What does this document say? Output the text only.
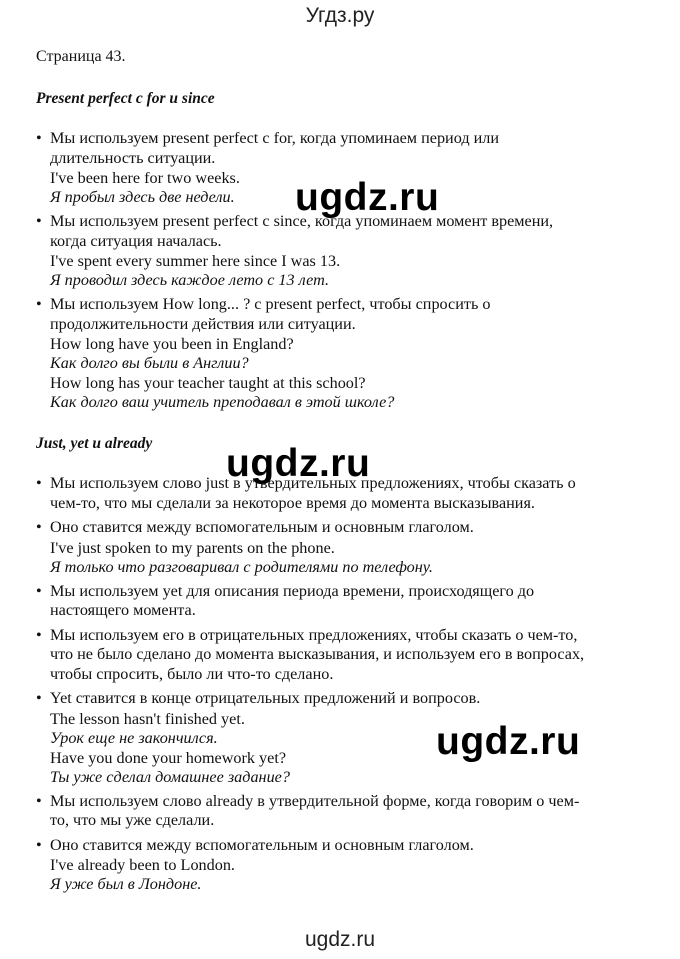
Угдз.ру
Страница 43.
Present perfect с for и since
• Мы используем present perfect с for, когда упоминаем период или
длительность ситуации.
I've been here for two weeks.
Я пробыл здесь две недели.
• Мы используем present perfect с since, когда упоминаем момент времени,
когда ситуация началась.
I've spent every summer here since I was 13.
Я проводил здесь каждое лето с 13 лет.
• Мы используем How long... ? с present perfect, чтобы спросить о
продолжительности действия или ситуации.
How long have you been in England?
Как долго вы были в Англии?
How long has your teacher taught at this school?
Как долго ваш учитель преподавал в этой школе?
Just, yet и already
• Мы используем слово just в утвердительных предложениях, чтобы сказать о
чем-то, что мы сделали за некоторое время до момента высказывания.
• Оно ставится между вспомогательным и основным глаголом.
I've just spoken to my parents on the phone.
Я только что разговаривал с родителями по телефону.
• Мы используем yet для описания периода времени, происходящего до
настоящего момента.
• Мы используем его в отрицательных предложениях, чтобы сказать о чем-то,
что не было сделано до момента высказывания, и используем его в вопросах,
чтобы спросить, было ли что-то сделано.
• Yet ставится в конце отрицательных предложений и вопросов.
The lesson hasn't finished yet.
Урок еще не закончился.
Have you done your homework yet?
Ты уже сделал домашнее задание?
• Мы используем слово already в утвердительной форме, когда говорим о чем-
то, что мы уже сделали.
• Оно ставится между вспомогательным и основным глаголом.
I've already been to London.
Я уже был в Лондоне.
ugdz.ru
ugdz.ru
ugdz.ru
ugdz.ru
